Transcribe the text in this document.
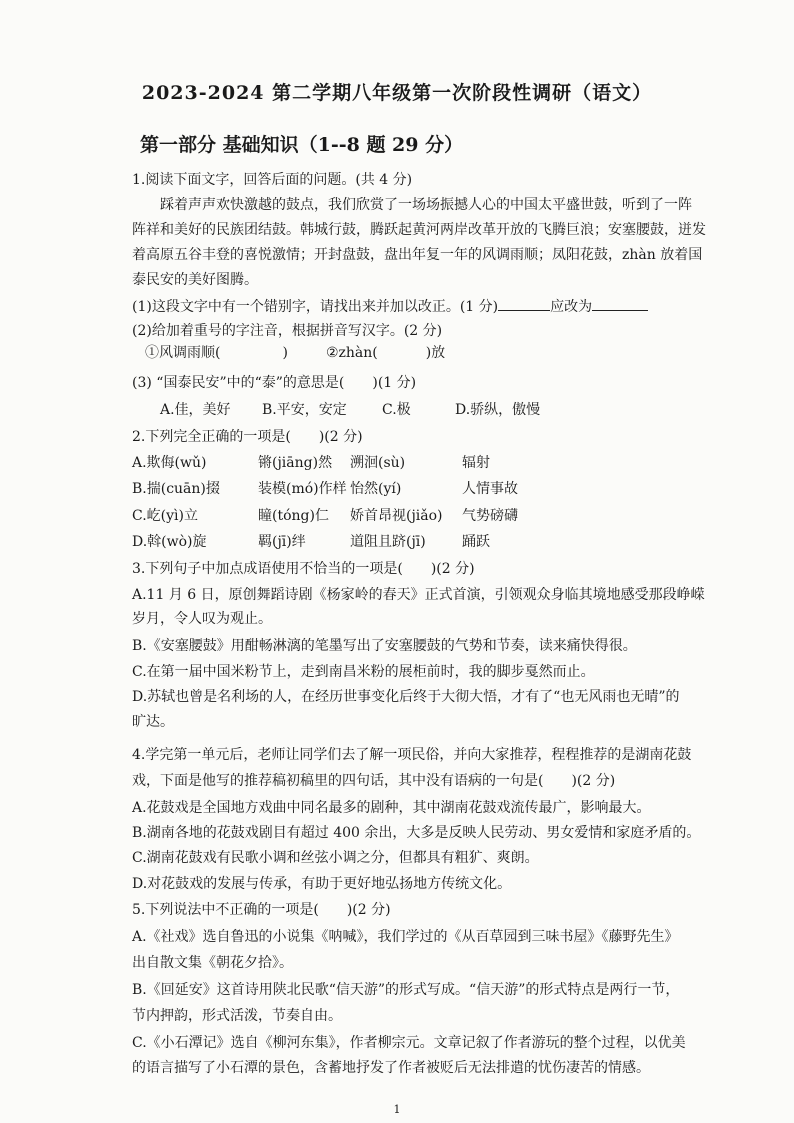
2023-2024 第二学期八年级第一次阶段性调研（语文）
第一部分 基础知识（1--8 题 29 分）
1.阅读下面文字，回答后面的问题。(共 4 分)
踩着声声欢快激越的鼓点，我们欣赏了一场场振撼人心的中国太平盛世鼓，听到了一阵
阵祥和美好的民族团结鼓。韩城行鼓，腾跃起黄河两岸改革开放的飞腾巨浪；安塞腰鼓，迸发
着高原五谷丰登的喜悦激情；开封盘鼓，盘出年复一年的风调雨顺；凤阳花鼓，zhàn 放着国
泰民安的美好图腾。
(1)这段文字中有一个错别字，请找出来并加以改正。(1 分)	应改为
(2)给加着重号的字注音，根据拼音写汉字。(2 分)
①风调雨顺(	)	②zhàn(	)放
(3) “国泰民安”中的“泰”的意思是(　　)(1 分)
A.佳，美好 B.平安，安定	C.极	D.骄纵，傲慢
2.下列完全正确的一项是(　　)(2 分)
A.欺侮(wǔ)	锵(jiāng)然 溯洄(sù)	辐射
B.揣(cuān)掇	装模(mó)作样 怡然(yí)	人情事故
C.屹(yì)立	瞳(tóng)仁 娇首昂视(jiǎo) 气势磅礴
D.斡(wò)旋	羁(jī)绊	道阻且跻(jī)	踊跃
3.下列句子中加点成语使用不恰当的一项是(　　)(2 分)
A.11 月 6 日，原创舞蹈诗剧《杨家岭的春天》正式首演，引领观众身临其境地感受那段峥嵘
岁月，令人叹为观止。
B.《安塞腰鼓》用酣畅淋漓的笔墨写出了安塞腰鼓的气势和节奏，读来痛快得很。
C.在第一届中国米粉节上，走到南昌米粉的展柜前时，我的脚步戛然而止。
D.苏轼也曾是名利场的人，在经历世事变化后终于大彻大悟，才有了“也无风雨也无晴”的
旷达。
4.学完第一单元后，老师让同学们去了解一项民俗，并向大家推荐，程程推荐的是湖南花鼓
戏，下面是他写的推荐稿初稿里的四句话，其中没有语病的一句是(　　)(2 分)
A.花鼓戏是全国地方戏曲中同名最多的剧种，其中湖南花鼓戏流传最广，影响最大。
B.湖南各地的花鼓戏剧目有超过 400 余出，大多是反映人民劳动、男女爱情和家庭矛盾的。
C.湖南花鼓戏有民歌小调和丝弦小调之分，但都具有粗犷、爽朗。
D.对花鼓戏的发展与传承，有助于更好地弘扬地方传统文化。
5.下列说法中不正确的一项是(　　)(2 分)
A.《社戏》选自鲁迅的小说集《呐喊》，我们学过的《从百草园到三味书屋》《藤野先生》
出自散文集《朝花夕拾》。
B.《回延安》这首诗用陕北民歌“信天游”的形式写成。“信天游”的形式特点是两行一节，
节内押韵，形式活泼，节奏自由。
C.《小石潭记》选自《柳河东集》，作者柳宗元。文章记叙了作者游玩的整个过程，以优美
的语言描写了小石潭的景色，含蓄地抒发了作者被贬后无法排遣的忧伤凄苦的情感。
1
